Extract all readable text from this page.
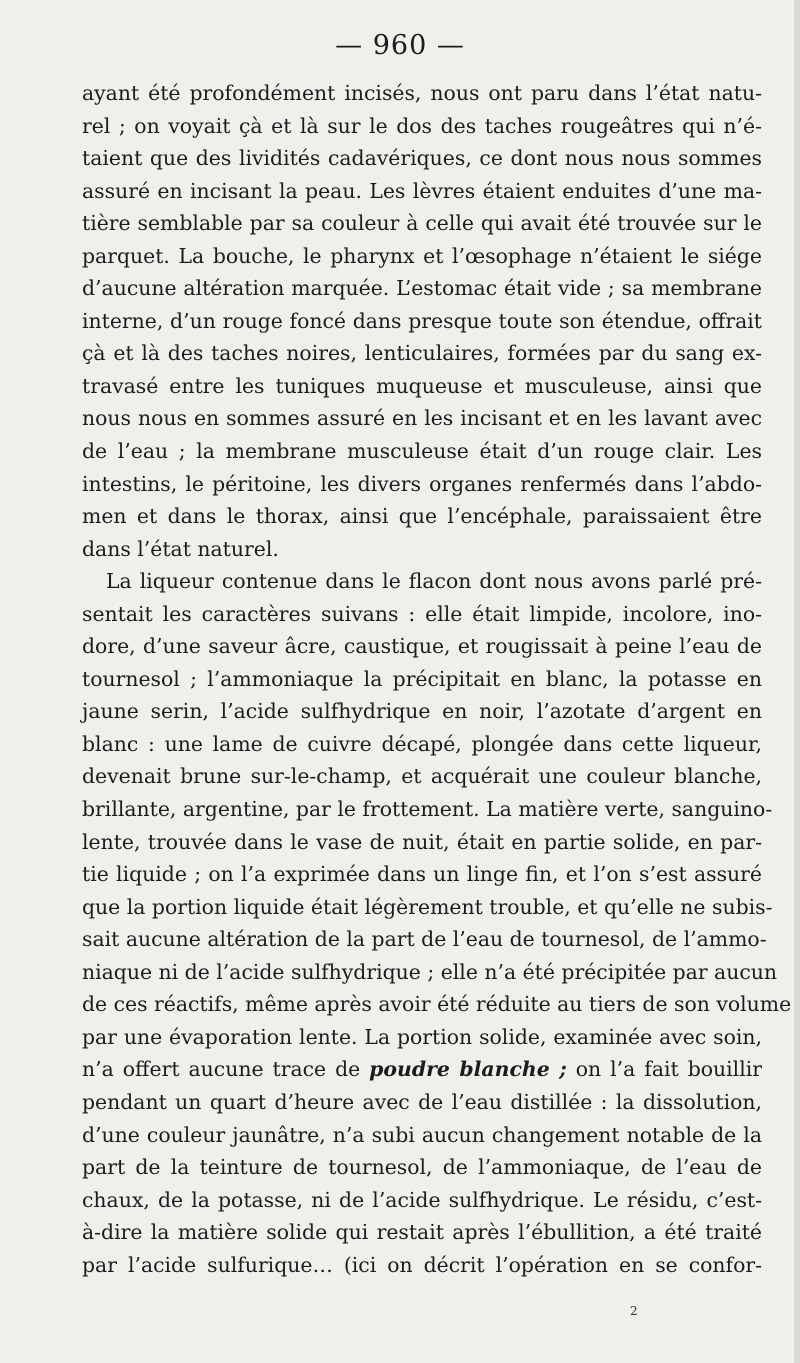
— 960 —
ayant été profondément incisés, nous ont paru dans l’état natu-
rel ; on voyait çà et là sur le dos des taches rougeâtres qui n’é-
taient que des lividités cadavériques, ce dont nous nous sommes
assuré en incisant la peau. Les lèvres étaient enduites d’une ma-
tière semblable par sa couleur à celle qui avait été trouvée sur le
parquet. La bouche, le pharynx et l’œsophage n’étaient le siége
d’aucune altération marquée. L’estomac était vide ; sa membrane
interne, d’un rouge foncé dans presque toute son étendue, offrait
çà et là des taches noires, lenticulaires, formées par du sang ex-
travasé entre les tuniques muqueuse et musculeuse, ainsi que
nous nous en sommes assuré en les incisant et en les lavant avec
de l’eau ; la membrane musculeuse était d’un rouge clair. Les
intestins, le péritoine, les divers organes renfermés dans l’abdo-
men et dans le thorax, ainsi que l’encéphale, paraissaient être
dans l’état naturel.
La liqueur contenue dans le flacon dont nous avons parlé pré-
sentait les caractères suivans : elle était limpide, incolore, ino-
dore, d’une saveur âcre, caustique, et rougissait à peine l’eau de
tournesol ; l’ammoniaque la précipitait en blanc, la potasse en
jaune serin, l’acide sulfhydrique en noir, l’azotate d’argent en
blanc : une lame de cuivre décapé, plongée dans cette liqueur,
devenait brune sur-le-champ, et acquérait une couleur blanche,
brillante, argentine, par le frottement. La matière verte, sanguino-
lente, trouvée dans le vase de nuit, était en partie solide, en par-
tie liquide ; on l’a exprimée dans un linge fin, et l’on s’est assuré
que la portion liquide était légèrement trouble, et qu’elle ne subis-
sait aucune altération de la part de l’eau de tournesol, de l’ammo-
niaque ni de l’acide sulfhydrique ; elle n’a été précipitée par aucun
de ces réactifs, même après avoir été réduite au tiers de son volume
par une évaporation lente. La portion solide, examinée avec soin,
n’a offert aucune trace de poudre blanche ; on l’a fait bouillir
pendant un quart d’heure avec de l’eau distillée : la dissolution,
d’une couleur jaunâtre, n’a subi aucun changement notable de la
part de la teinture de tournesol, de l’ammoniaque, de l’eau de
chaux, de la potasse, ni de l’acide sulfhydrique. Le résidu, c’est-
à-dire la matière solide qui restait après l’ébullition, a été traité
par l’acide sulfurique… (ici on décrit l’opération en se confor-
2
